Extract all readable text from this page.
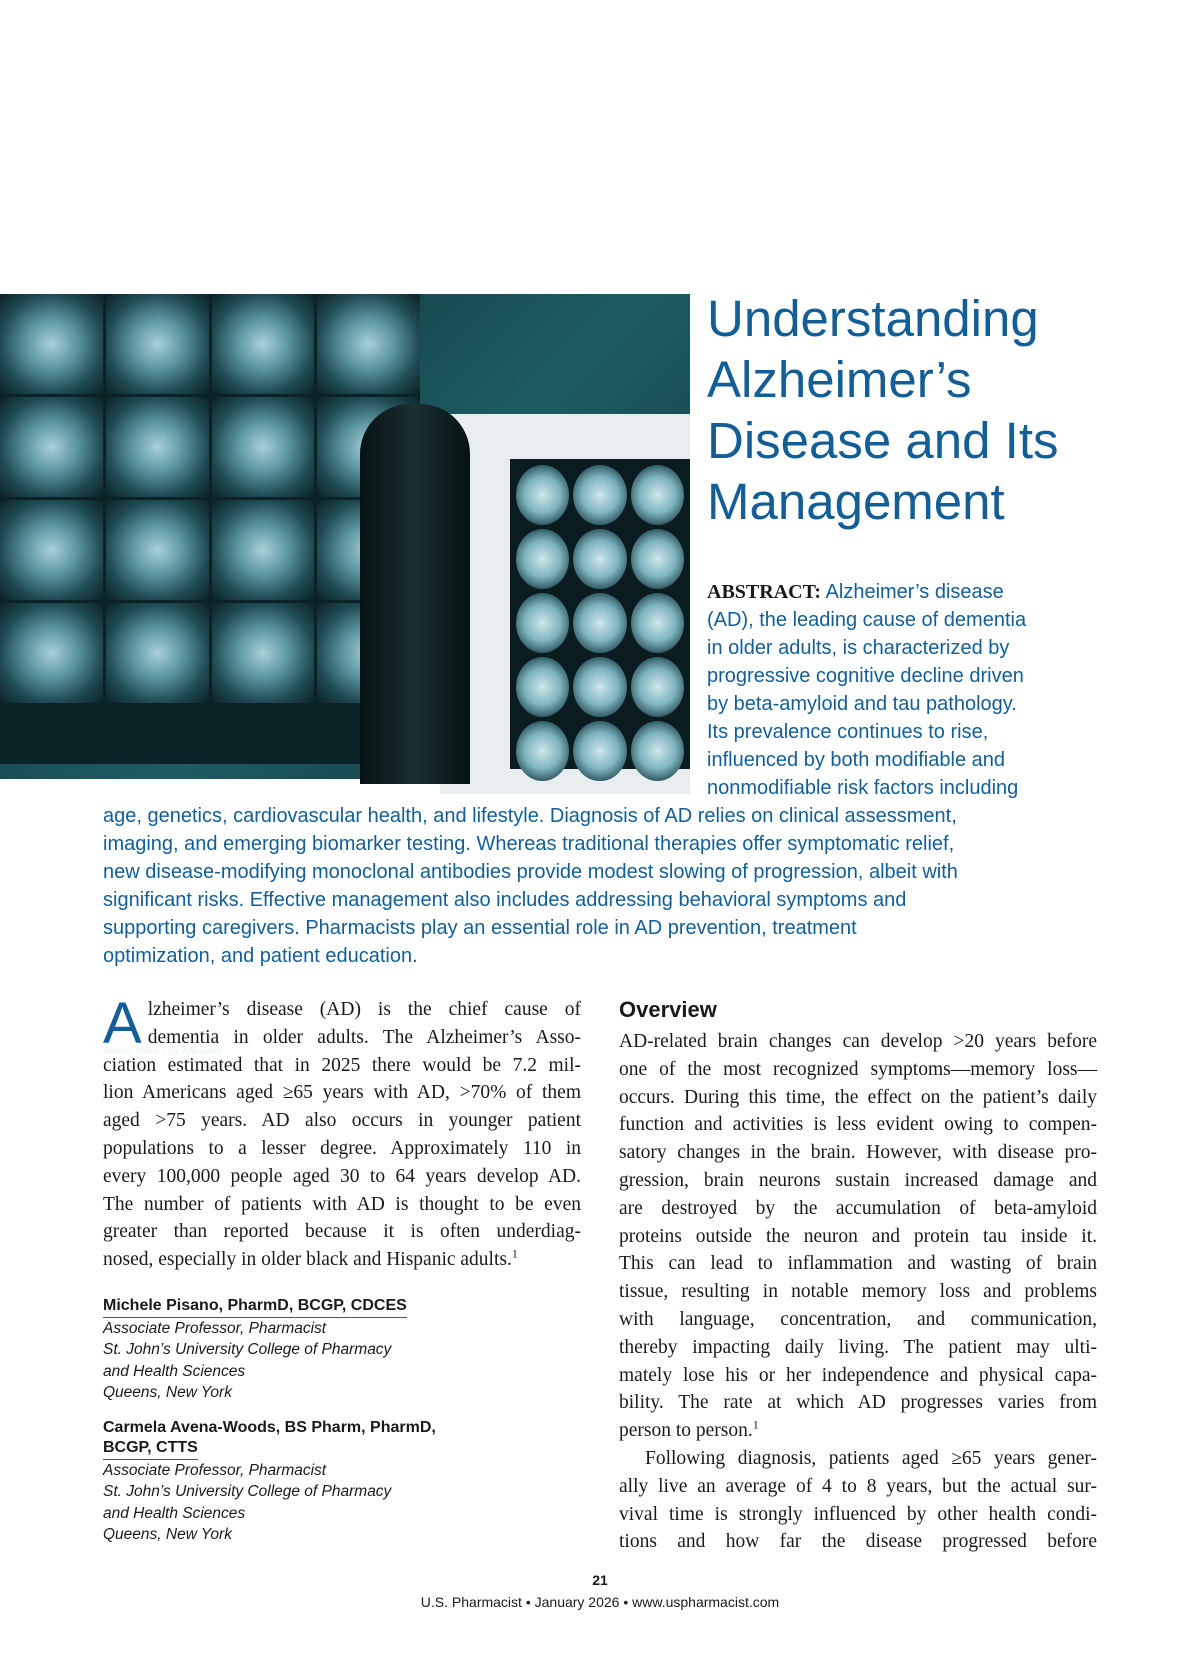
Adobe Stock / By Atthapon
Understanding
Alzheimer’s
Disease and Its
Management
ABSTRACT: Alzheimer’s disease
(AD), the leading cause of dementia
in older adults, is characterized by
progressive cognitive decline driven
by beta-amyloid and tau pathology.
Its prevalence continues to rise,
influenced by both modifiable and
nonmodifiable risk factors including
age, genetics, cardiovascular health, and lifestyle. Diagnosis of AD relies on clinical assessment,
imaging, and emerging biomarker testing. Whereas traditional therapies offer symptomatic relief,
new disease-modifying monoclonal antibodies provide modest slowing of progression, albeit with
significant risks. Effective management also includes addressing behavioral symptoms and
supporting caregivers. Pharmacists play an essential role in AD prevention, treatment
optimization, and patient education.
A lzheimer’s disease (AD) is the chief cause of
dementia in older adults. The Alzheimer’s Asso-
ciation estimated that in 2025 there would be 7.2 mil-
lion Americans aged ≥65 years with AD, >70% of them
aged >75 years. AD also occurs in younger patient
populations to a lesser degree. Approximately 110 in
every 100,000 people aged 30 to 64 years develop AD.
The number of patients with AD is thought to be even
greater than reported because it is often underdiag-
nosed, especially in older black and Hispanic adults.$^1$
Michele Pisano, PharmD, BCGP, CDCES
Associate Professor, Pharmacist
St. John’s University College of Pharmacy
and Health Sciences
Queens, New York
Carmela Avena-Woods, BS Pharm, PharmD,
BCGP, CTTS
Associate Professor, Pharmacist
St. John’s University College of Pharmacy
and Health Sciences
Queens, New York
Overview
AD-related brain changes can develop >20 years before
one of the most recognized symptoms—memory loss—
occurs. During this time, the effect on the patient’s daily
function and activities is less evident owing to compen-
satory changes in the brain. However, with disease pro-
gression, brain neurons sustain increased damage and
are destroyed by the accumulation of beta-amyloid
proteins outside the neuron and protein tau inside it.
This can lead to inflammation and wasting of brain
tissue, resulting in notable memory loss and problems
with language, concentration, and communication,
thereby impacting daily living. The patient may ulti-
mately lose his or her independence and physical capa-
bility. The rate at which AD progresses varies from
person to person.$^1$
Following diagnosis, patients aged ≥65 years gener-
ally live an average of 4 to 8 years, but the actual sur-
vival time is strongly influenced by other health condi-
tions and how far the disease progressed before
21
U.S. Pharmacist • January 2026 • www.uspharmacist.com
